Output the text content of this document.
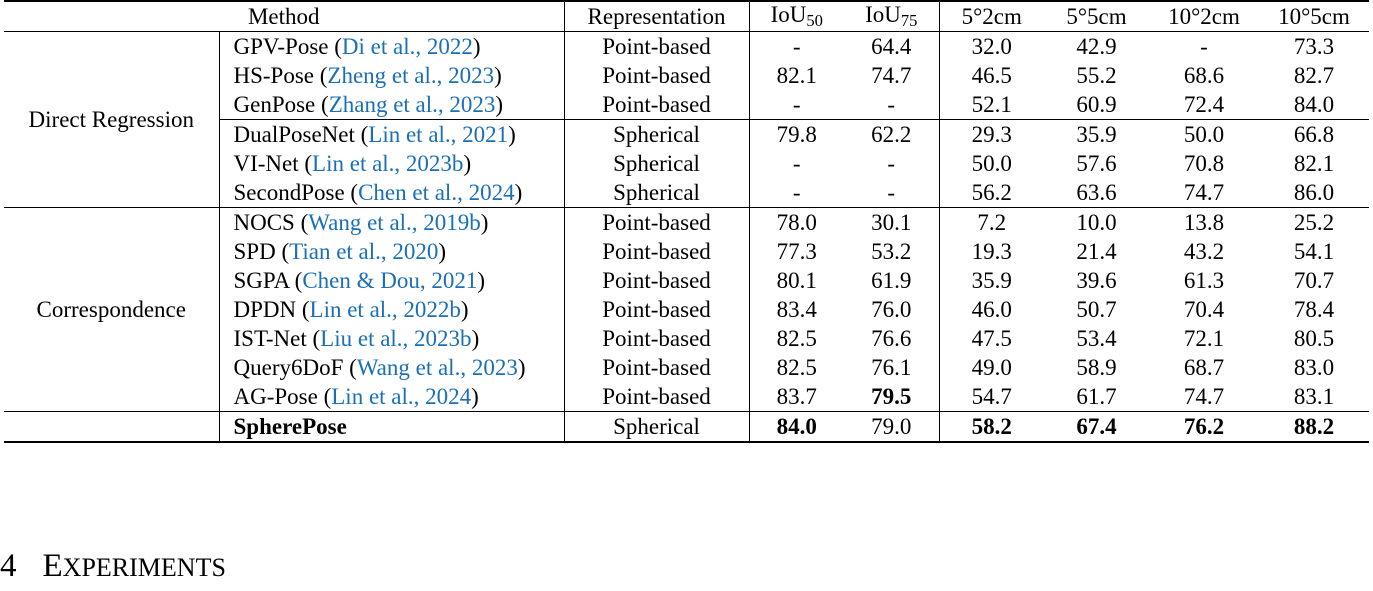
Method		Representation	IoU$_{50}$	IoU$_{75}$	5°2cm	5°5cm	10°2cm	10°5cm
Direct Regression	GPV-Pose (Di et al., 2022)	Point-based	-	64.4	32.0	42.9	-	73.3
	HS-Pose (Zheng et al., 2023)	Point-based	82.1	74.7	46.5	55.2	68.6	82.7
	GenPose (Zhang et al., 2023)	Point-based	-	-	52.1	60.9	72.4	84.0
	DualPoseNet (Lin et al., 2021)	Spherical	79.8	62.2	29.3	35.9	50.0	66.8
	VI-Net (Lin et al., 2023b)	Spherical	-	-	50.0	57.6	70.8	82.1
	SecondPose (Chen et al., 2024)	Spherical	-	-	56.2	63.6	74.7	86.0
Correspondence	NOCS (Wang et al., 2019b)	Point-based	78.0	30.1	7.2	10.0	13.8	25.2
	SPD (Tian et al., 2020)	Point-based	77.3	53.2	19.3	21.4	43.2	54.1
	SGPA (Chen & Dou, 2021)	Point-based	80.1	61.9	35.9	39.6	61.3	70.7
	DPDN (Lin et al., 2022b)	Point-based	83.4	76.0	46.0	50.7	70.4	78.4
	IST-Net (Liu et al., 2023b)	Point-based	82.5	76.6	47.5	53.4	72.1	80.5
	Query6DoF (Wang et al., 2023)	Point-based	82.5	76.1	49.0	58.9	68.7	83.0
	AG-Pose (Lin et al., 2024)	Point-based	83.7	79.5	54.7	61.7	74.7	83.1
	SpherePose	Spherical	84.0	79.0	58.2	67.4	76.2	88.2

4 EXPERIMENTS
